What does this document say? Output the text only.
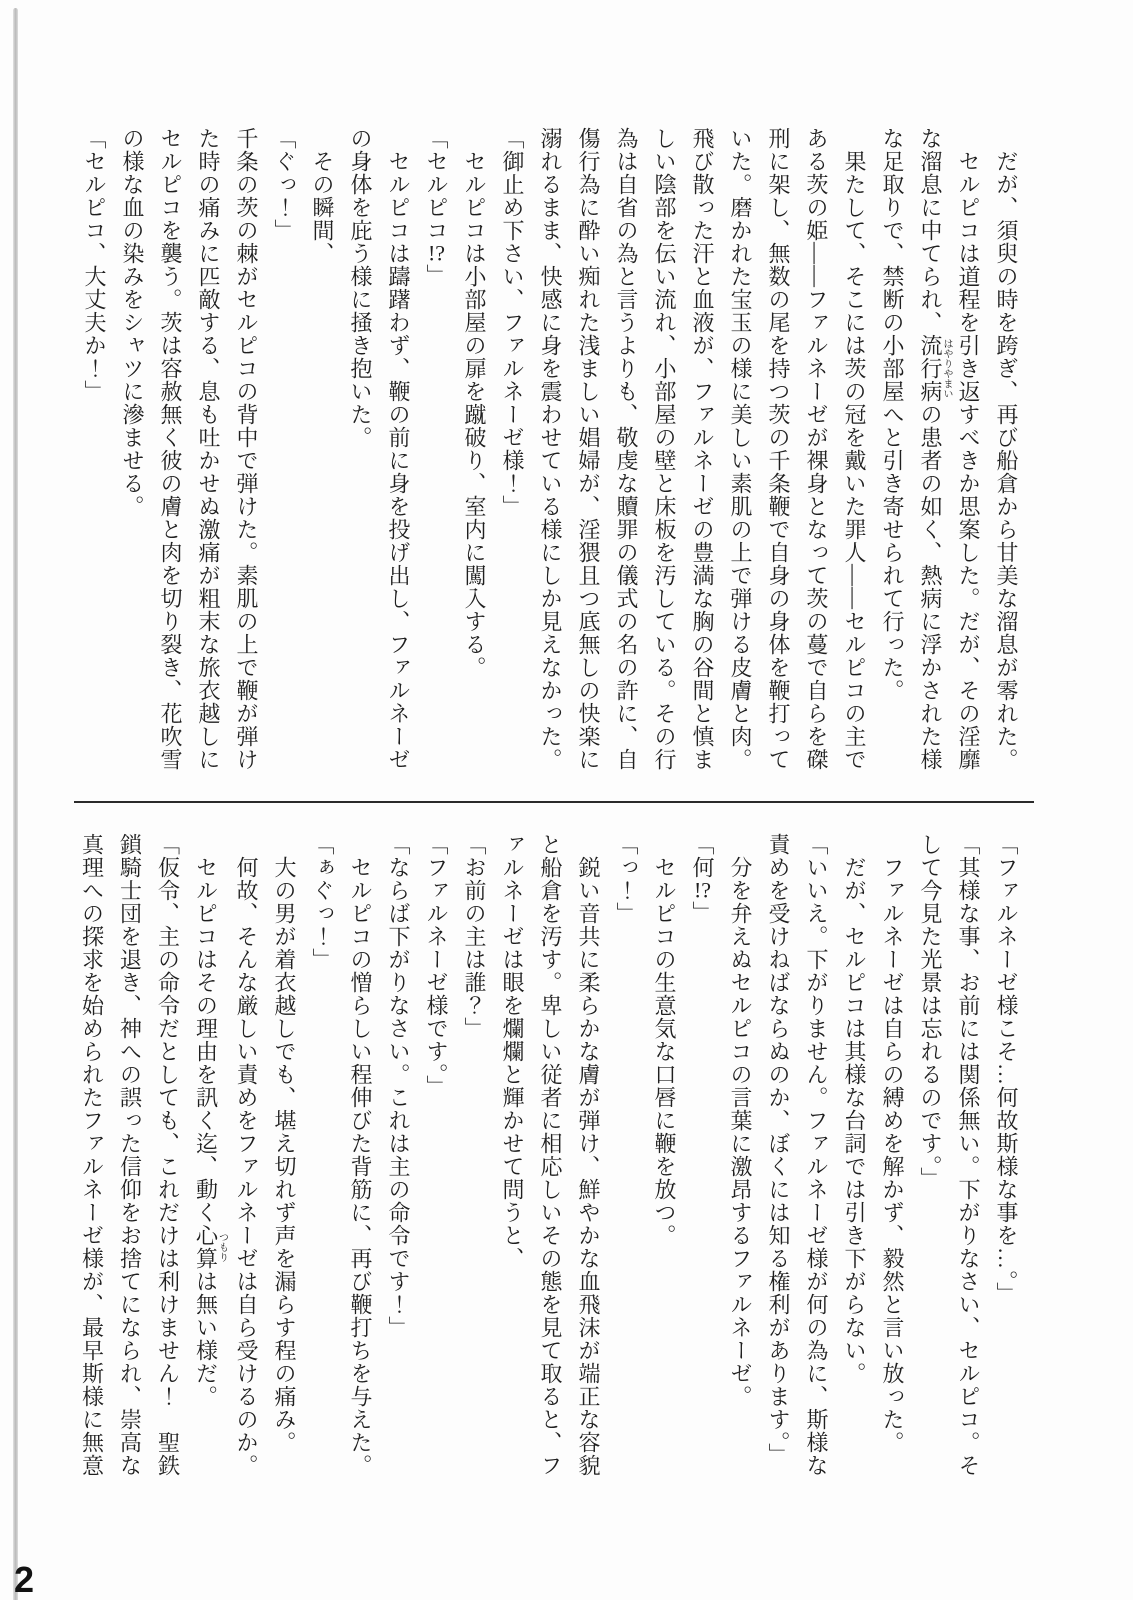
　だが、須臾の時を跨ぎ、再び船倉から甘美な溜息が零れた。

　セルピコは道程を引き返すべきか思案した。だが、その淫靡な溜息に中てられ、流行病はやりやまいの患者の如く、熱病に浮かされた様な足取りで、禁断の小部屋へと引き寄せられて行った。

　果たして、そこには茨の冠を戴いた罪人――セルピコの主である茨の姫――ファルネーゼが裸身となって茨の蔓で自らを磔刑に架し、無数の尾を持つ茨の千条鞭で自身の身体を鞭打っていた。磨かれた宝玉の様に美しい素肌の上で弾ける皮膚と肉。飛び散った汗と血液が、ファルネーゼの豊満な胸の谷間と慎ましい陰部を伝い流れ、小部屋の壁と床板を汚している。その行為は自省の為と言うよりも、敬虔な贖罪の儀式の名の許に、自傷行為に酔い痴れた浅ましい娼婦が、淫猥且つ底無しの快楽に溺れるまま、快感に身を震わせている様にしか見えなかった。

「御止め下さい、ファルネーゼ様！」

　セルピコは小部屋の扉を蹴破り、室内に闖入する。

「セルピコ!?」

　セルピコは躊躇わず、鞭の前に身を投げ出し、ファルネーゼの身体を庇う様に掻き抱いた。

　その瞬間、

「ぐっ！」

千条の茨の棘がセルピコの背中で弾けた。素肌の上で鞭が弾けた時の痛みに匹敵する、息も吐かせぬ激痛が粗末な旅衣越しにセルピコを襲う。茨は容赦無く彼の膚と肉を切り裂き、花吹雪の様な血の染みをシャツに滲ませる。

「セルピコ、大丈夫か！」

「ファルネーゼ様こそ…何故斯様な事を…。」

「其様な事、お前には関係無い。下がりなさい、セルピコ。そして今見た光景は忘れるのです。」

　ファルネーゼは自らの縛めを解かず、毅然と言い放った。

　だが、セルピコは其様な台詞では引き下がらない。

「いいえ。下がりません。ファルネーゼ様が何の為に、斯様な責めを受けねばならぬのか、ぼくには知る権利があります。」

　分を弁えぬセルピコの言葉に激昂するファルネーゼ。

「何!?」

　セルピコの生意気な口唇に鞭を放つ。

「っ！」

　鋭い音共に柔らかな膚が弾け、鮮やかな血飛沫が端正な容貌と船倉を汚す。卑しい従者に相応しいその態を見て取ると、ファルネーゼは眼を爛爛と輝かせて問うと、

「お前の主は誰？」

「ファルネーゼ様です。」

「ならば下がりなさい。これは主の命令です！」

　セルピコの憎らしい程伸びた背筋に、再び鞭打ちを与えた。

「ぁぐっ！」

　大の男が着衣越しでも、堪え切れず声を漏らす程の痛み。

　何故、そんな厳しい責めをファルネーゼは自ら受けるのか。

　セルピコはその理由を訊く迄、動く心算つもりは無い様だ。

「仮令、主の命令だとしても、これだけは利けません！　聖鉄鎖騎士団を退き、神への誤った信仰をお捨てになられ、崇高な真理への探求を始められたファルネーゼ様が、最早斯様に無意

2
